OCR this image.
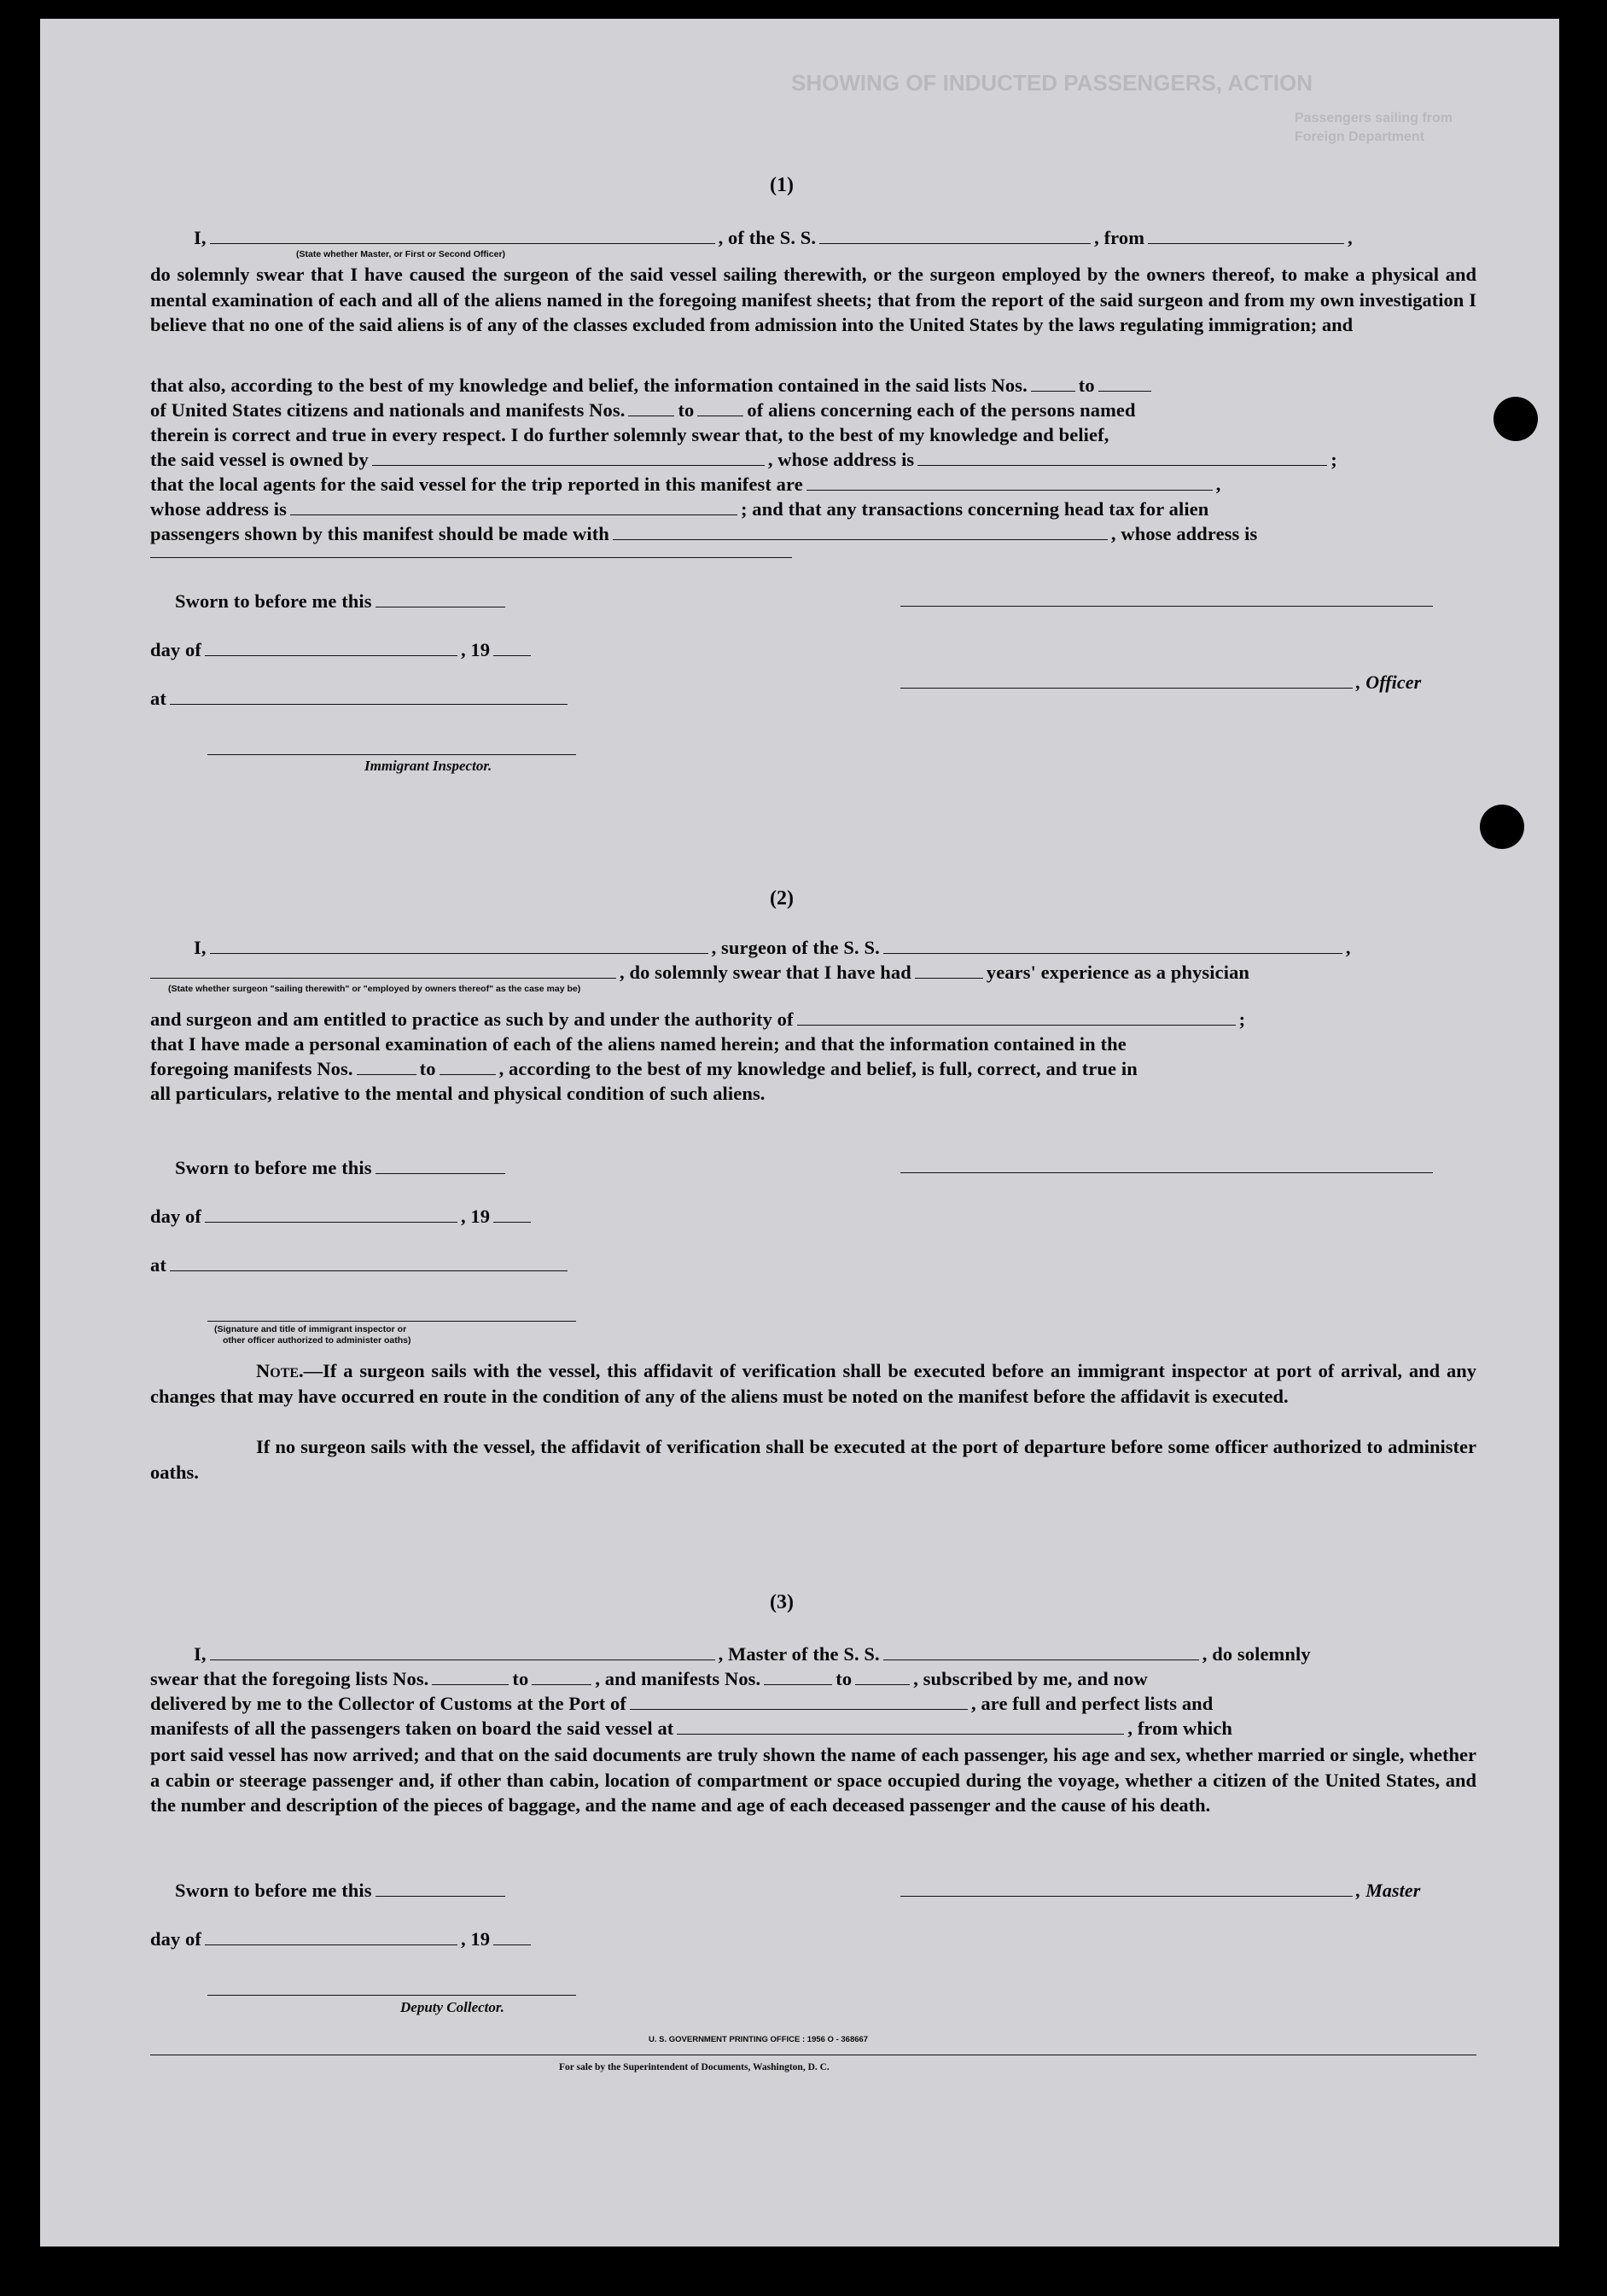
SHOWING OF INDUCTED PASSENGERS, ACTION
Passengers sailing from
Foreign Department
(1)
I,	, of the S. S.	, from	,
(State whether Master, or First or Second Officer)
do solemnly swear that I have caused the surgeon of the said vessel sailing therewith, or the surgeon employed by the owners thereof, to make a physical and mental examination of each and all of the aliens named in the foregoing manifest sheets; that from the report of the said surgeon and from my own investigation I believe that no one of the said aliens is of any of the classes excluded from admission into the United States by the laws regulating immigration; and
that also, according to the best of my knowledge and belief, the information contained in the said lists Nos.	to
of United States citizens and nationals and manifests Nos.	to	of aliens concerning each of the persons named
therein is correct and true in every respect. I do further solemnly swear that, to the best of my knowledge and belief,
the said vessel is owned by	, whose address is	;
that the local agents for the said vessel for the trip reported in this manifest are	,
whose address is	; and that any transactions concerning head tax for alien
passengers shown by this manifest should be made with	, whose address is
Sworn to before me this
day of	, 19
, Officer
at
Immigrant Inspector.
(2)
I,	, surgeon of the S. S.	,
, do solemnly swear that I have had	years' experience as a physician
(State whether surgeon "sailing therewith" or "employed by owners thereof" as the case may be)
and surgeon and am entitled to practice as such by and under the authority of	;
that I have made a personal examination of each of the aliens named herein; and that the information contained in the
foregoing manifests Nos.	to	, according to the best of my knowledge and belief, is full, correct, and true in
all particulars, relative to the mental and physical condition of such aliens.
Sworn to before me this
day of	, 19
at
(Signature and title of immigrant inspector or
other officer authorized to administer oaths)
Note.—If a surgeon sails with the vessel, this affidavit of verification shall be executed before an immigrant inspector at port of arrival, and any changes that may have occurred en route in the condition of any of the aliens must be noted on the manifest before the affidavit is executed.
If no surgeon sails with the vessel, the affidavit of verification shall be executed at the port of departure before some officer authorized to administer oaths.
(3)
I,	, Master of the S. S.	, do solemnly
swear that the foregoing lists Nos.	to	, and manifests Nos.	to	, subscribed by me, and now
delivered by me to the Collector of Customs at the Port of	, are full and perfect lists and
manifests of all the passengers taken on board the said vessel at	, from which
port said vessel has now arrived; and that on the said documents are truly shown the name of each passenger, his age and sex, whether married or single, whether a cabin or steerage passenger and, if other than cabin, location of compartment or space occupied during the voyage, whether a citizen of the United States, and the number and description of the pieces of baggage, and the name and age of each deceased passenger and the cause of his death.
Sworn to before me this	, Master
day of	, 19
Deputy Collector.
U. S. GOVERNMENT PRINTING OFFICE : 1956 O - 368667
For sale by the Superintendent of Documents, Washington, D. C.
